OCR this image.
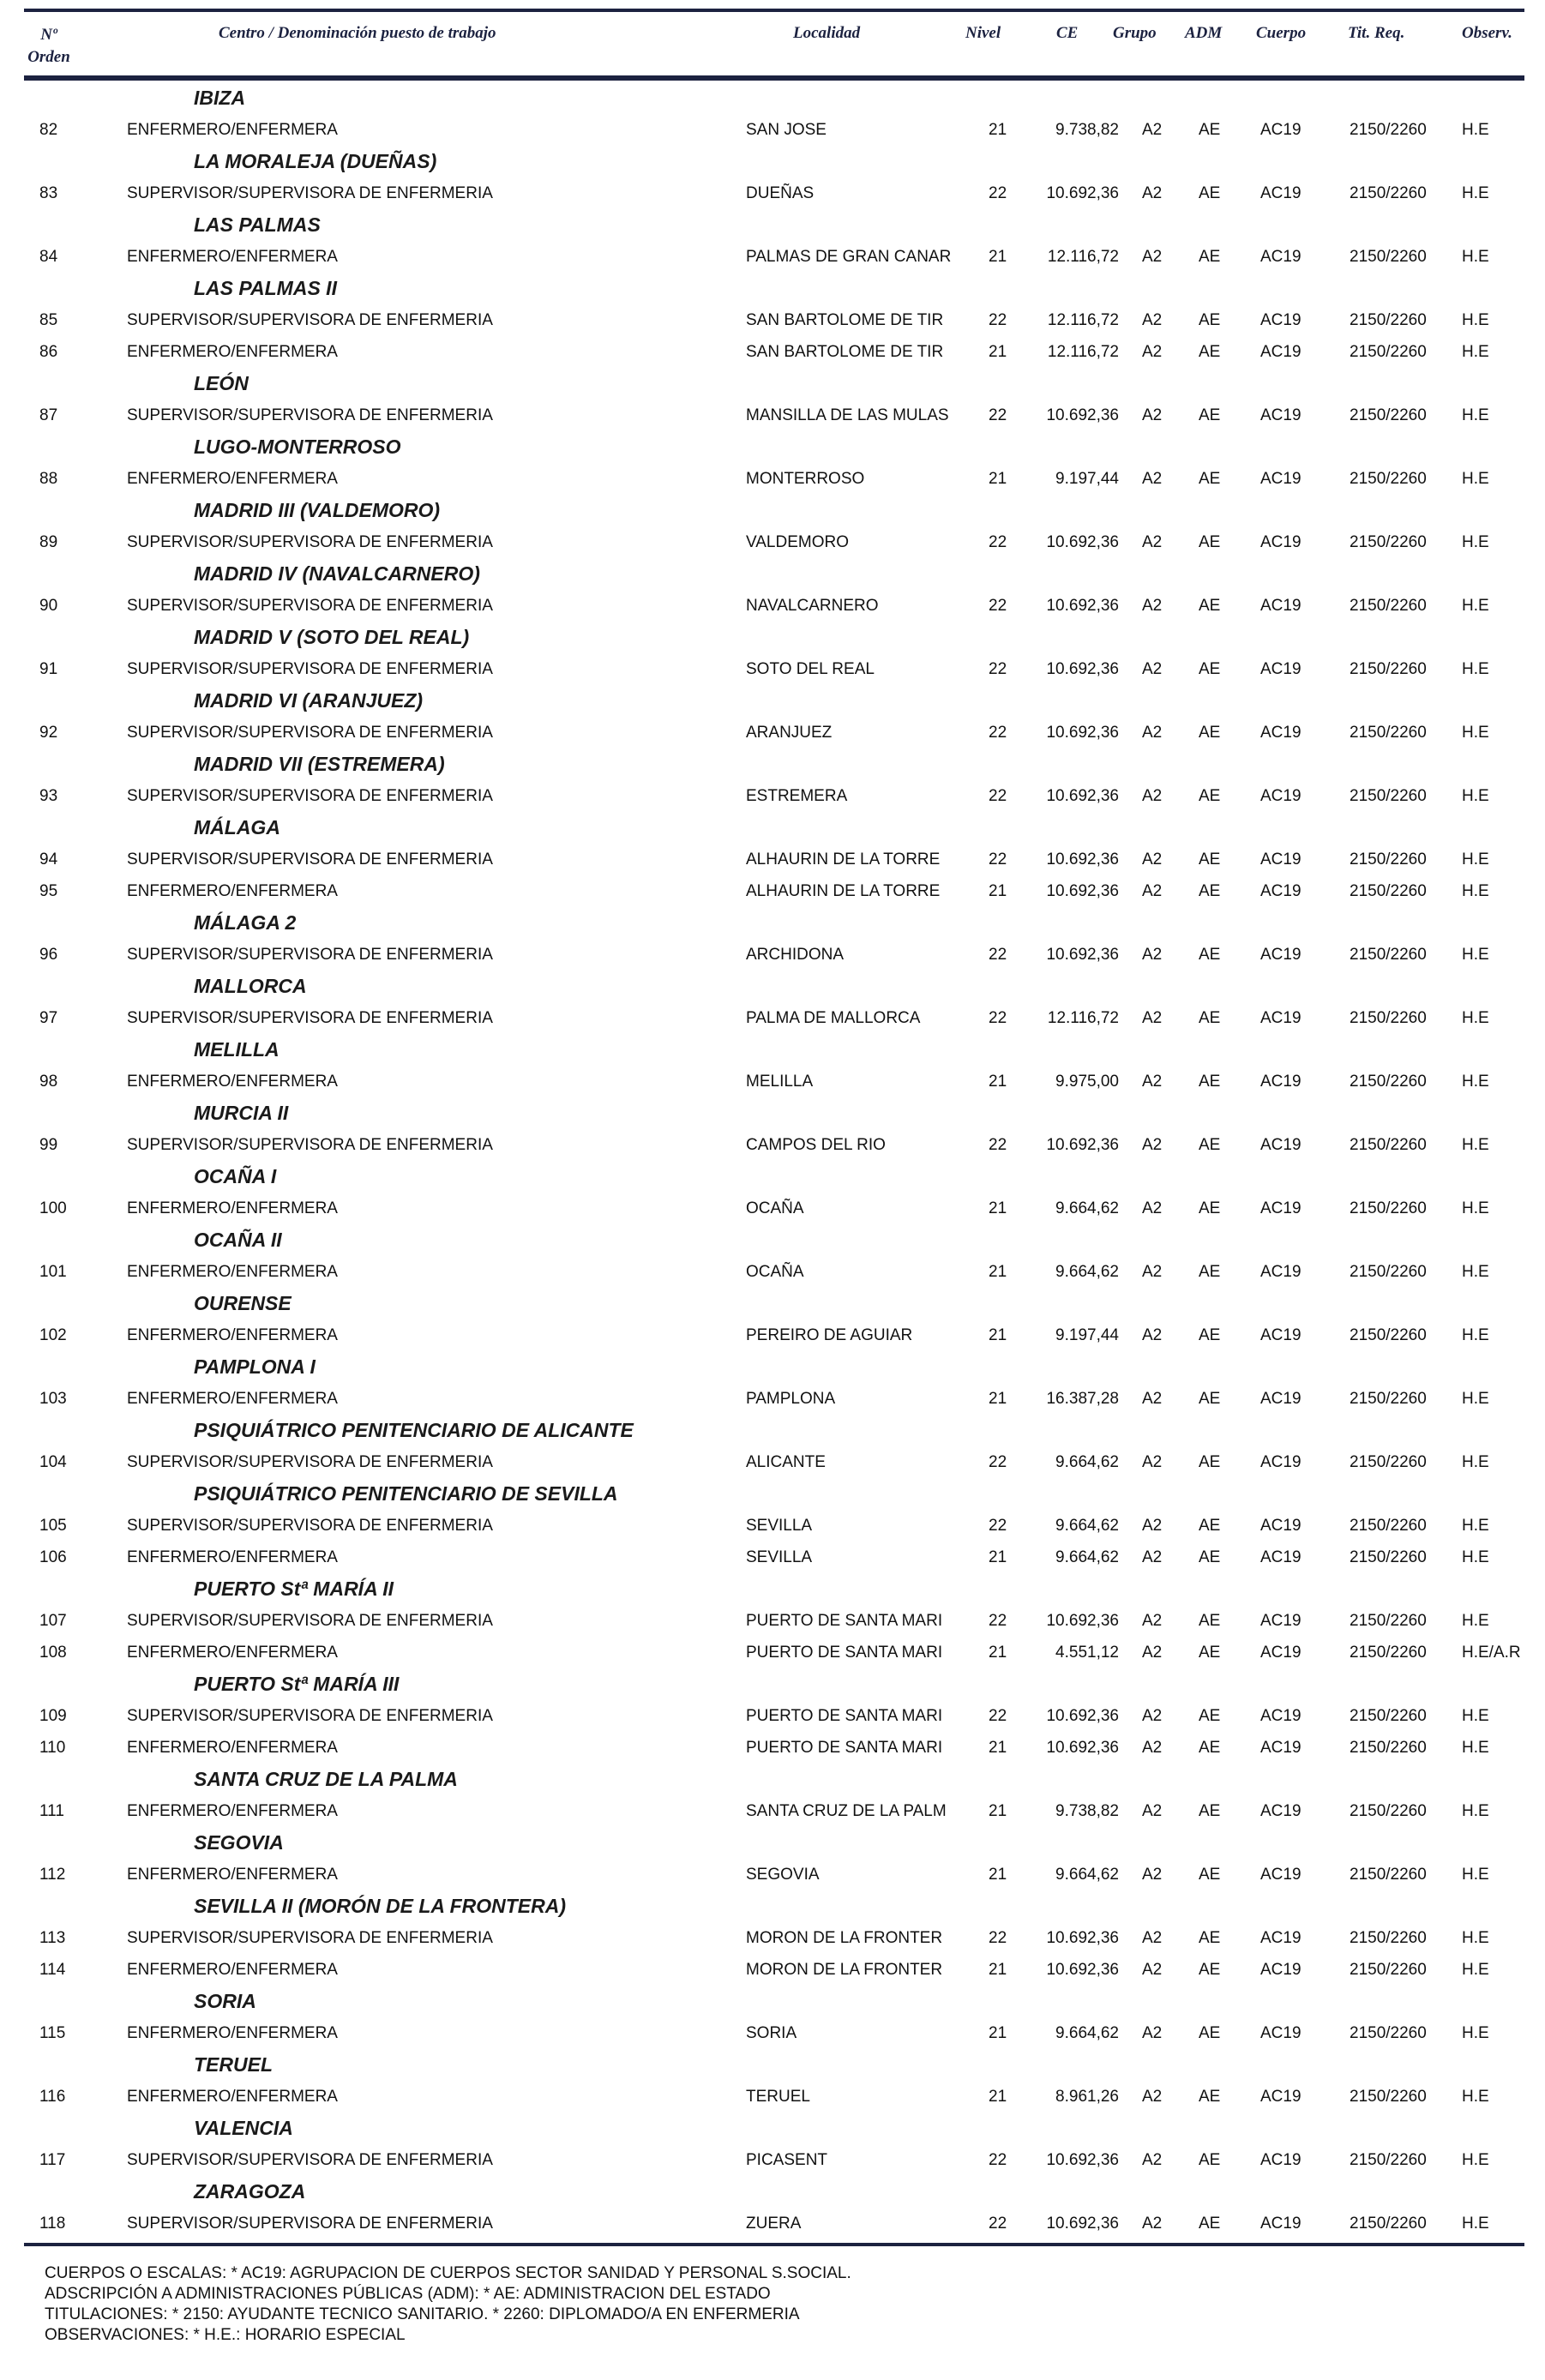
Nº Orden
Centro / Denominación puesto de trabajo	Localidad	Nivel	CE Grupo ADM Cuerpo	Tit. Req.	Observ.
IBIZA
82	ENFERMERO/ENFERMERA	SAN JOSE	21	9.738,82 A2 AE AC19	2150/2260 H.E
LA MORALEJA (DUEÑAS)
83	SUPERVISOR/SUPERVISORA DE ENFERMERIA	DUEÑAS	22	10.692,36 A2 AE AC19	2150/2260 H.E
LAS PALMAS
84	ENFERMERO/ENFERMERA	PALMAS DE GRAN CANAR 21	12.116,72 A2 AE AC19	2150/2260 H.E
LAS PALMAS II
85	SUPERVISOR/SUPERVISORA DE ENFERMERIA	SAN BARTOLOME DE TIR	22	12.116,72 A2 AE AC19	2150/2260 H.E
86	ENFERMERO/ENFERMERA	SAN BARTOLOME DE TIR	21	12.116,72 A2 AE AC19	2150/2260 H.E
LEÓN
87	SUPERVISOR/SUPERVISORA DE ENFERMERIA	MANSILLA DE LAS MULAS 22	10.692,36 A2 AE AC19	2150/2260 H.E
LUGO-MONTERROSO
88	ENFERMERO/ENFERMERA	MONTERROSO	21	9.197,44 A2 AE AC19	2150/2260 H.E
MADRID III (VALDEMORO)
89	SUPERVISOR/SUPERVISORA DE ENFERMERIA	VALDEMORO	22	10.692,36 A2 AE AC19	2150/2260 H.E
MADRID IV (NAVALCARNERO)
90	SUPERVISOR/SUPERVISORA DE ENFERMERIA	NAVALCARNERO	22	10.692,36 A2 AE AC19	2150/2260 H.E
MADRID V (SOTO DEL REAL)
91	SUPERVISOR/SUPERVISORA DE ENFERMERIA	SOTO DEL REAL	22	10.692,36 A2 AE AC19	2150/2260 H.E
MADRID VI (ARANJUEZ)
92	SUPERVISOR/SUPERVISORA DE ENFERMERIA	ARANJUEZ	22	10.692,36 A2 AE AC19	2150/2260 H.E
MADRID VII (ESTREMERA)
93	SUPERVISOR/SUPERVISORA DE ENFERMERIA	ESTREMERA	22	10.692,36 A2 AE AC19	2150/2260 H.E
MÁLAGA
94	SUPERVISOR/SUPERVISORA DE ENFERMERIA	ALHAURIN DE LA TORRE	22	10.692,36 A2 AE AC19	2150/2260 H.E
95	ENFERMERO/ENFERMERA	ALHAURIN DE LA TORRE	21	10.692,36 A2 AE AC19	2150/2260 H.E
MÁLAGA 2
96	SUPERVISOR/SUPERVISORA DE ENFERMERIA	ARCHIDONA	22	10.692,36 A2 AE AC19	2150/2260 H.E
MALLORCA
97	SUPERVISOR/SUPERVISORA DE ENFERMERIA	PALMA DE MALLORCA	22	12.116,72 A2 AE AC19	2150/2260 H.E
MELILLA
98	ENFERMERO/ENFERMERA	MELILLA	21	9.975,00 A2 AE AC19	2150/2260 H.E
MURCIA II
99	SUPERVISOR/SUPERVISORA DE ENFERMERIA	CAMPOS DEL RIO	22	10.692,36 A2 AE AC19	2150/2260 H.E
OCAÑA I
100	ENFERMERO/ENFERMERA	OCAÑA	21	9.664,62 A2 AE AC19	2150/2260 H.E
OCAÑA II
101	ENFERMERO/ENFERMERA	OCAÑA	21	9.664,62 A2 AE AC19	2150/2260 H.E
OURENSE
102	ENFERMERO/ENFERMERA	PEREIRO DE AGUIAR	21	9.197,44 A2 AE AC19	2150/2260 H.E
PAMPLONA I
103	ENFERMERO/ENFERMERA	PAMPLONA	21	16.387,28 A2 AE AC19	2150/2260 H.E
PSIQUIÁTRICO PENITENCIARIO DE ALICANTE
104	SUPERVISOR/SUPERVISORA DE ENFERMERIA	ALICANTE	22	9.664,62 A2 AE AC19	2150/2260 H.E
PSIQUIÁTRICO PENITENCIARIO DE SEVILLA
105	SUPERVISOR/SUPERVISORA DE ENFERMERIA	SEVILLA	22	9.664,62 A2 AE AC19	2150/2260 H.E
106	ENFERMERO/ENFERMERA	SEVILLA	21	9.664,62 A2 AE AC19	2150/2260 H.E
PUERTO Stª MARÍA II
107	SUPERVISOR/SUPERVISORA DE ENFERMERIA	PUERTO DE SANTA MARI	22	10.692,36 A2 AE AC19	2150/2260 H.E
108	ENFERMERO/ENFERMERA	PUERTO DE SANTA MARI	21	4.551,12 A2 AE AC19	2150/2260 H.E/A.R
PUERTO Stª MARÍA III
109	SUPERVISOR/SUPERVISORA DE ENFERMERIA	PUERTO DE SANTA MARI	22	10.692,36 A2 AE AC19	2150/2260 H.E
110	ENFERMERO/ENFERMERA	PUERTO DE SANTA MARI	21	10.692,36 A2 AE AC19	2150/2260 H.E
SANTA CRUZ DE LA PALMA
111	ENFERMERO/ENFERMERA	SANTA CRUZ DE LA PALM	21	9.738,82 A2 AE AC19	2150/2260 H.E
SEGOVIA
112	ENFERMERO/ENFERMERA	SEGOVIA	21	9.664,62 A2 AE AC19	2150/2260 H.E
SEVILLA II (MORÓN DE LA FRONTERA)
113	SUPERVISOR/SUPERVISORA DE ENFERMERIA	MORON DE LA FRONTER	22	10.692,36 A2 AE AC19	2150/2260 H.E
114	ENFERMERO/ENFERMERA	MORON DE LA FRONTER	21	10.692,36 A2 AE AC19	2150/2260 H.E
SORIA
115	ENFERMERO/ENFERMERA	SORIA	21	9.664,62 A2 AE AC19	2150/2260 H.E
TERUEL
116	ENFERMERO/ENFERMERA	TERUEL	21	8.961,26 A2 AE AC19	2150/2260 H.E
VALENCIA
117	SUPERVISOR/SUPERVISORA DE ENFERMERIA	PICASENT	22	10.692,36 A2 AE AC19	2150/2260 H.E
ZARAGOZA
118	SUPERVISOR/SUPERVISORA DE ENFERMERIA	ZUERA	22	10.692,36 A2 AE AC19	2150/2260 H.E
CUERPOS O ESCALAS: * AC19: AGRUPACION DE CUERPOS SECTOR SANIDAD Y PERSONAL S.SOCIAL.
ADSCRIPCIÓN A ADMINISTRACIONES PÚBLICAS (ADM): * AE: ADMINISTRACION DEL ESTADO
TITULACIONES: * 2150: AYUDANTE TECNICO SANITARIO. * 2260: DIPLOMADO/A EN ENFERMERIA
OBSERVACIONES: * H.E.: HORARIO ESPECIAL
